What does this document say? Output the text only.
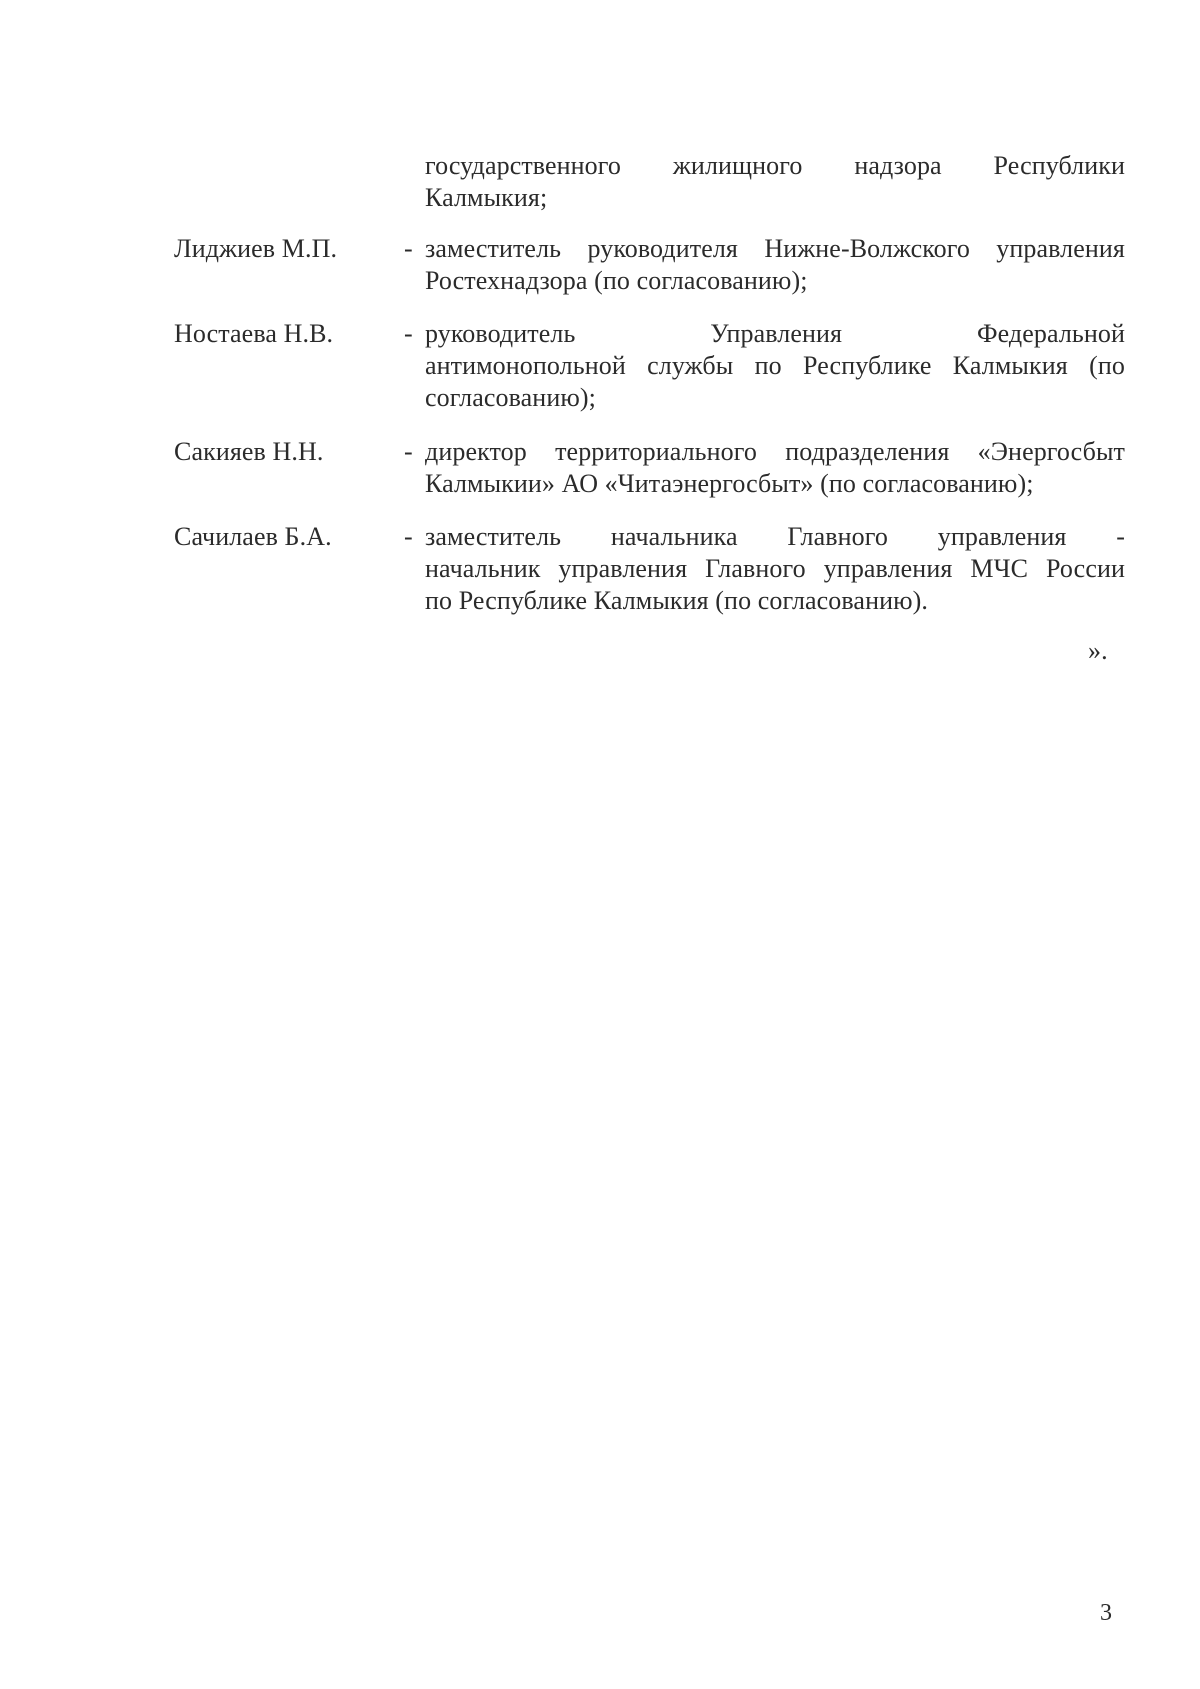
государственного жилищного надзора Республики
Калмыкия;
Лиджиев М.П.	- заместитель руководителя Нижне-Волжского управления
Ростехнадзора (по согласованию);
Ностаева Н.В.	- руководитель Управления Федеральной
антимонопольной службы по Республике Калмыкия (по
согласованию);
Сакияев Н.Н.	- директор территориального подразделения «Энергосбыт
Калмыкии» АО «Читаэнергосбыт» (по согласованию);
Сачилаев Б.А.	- заместитель начальника Главного управления -
начальник управления Главного управления МЧС России
по Республике Калмыкия (по согласованию).
».
3
